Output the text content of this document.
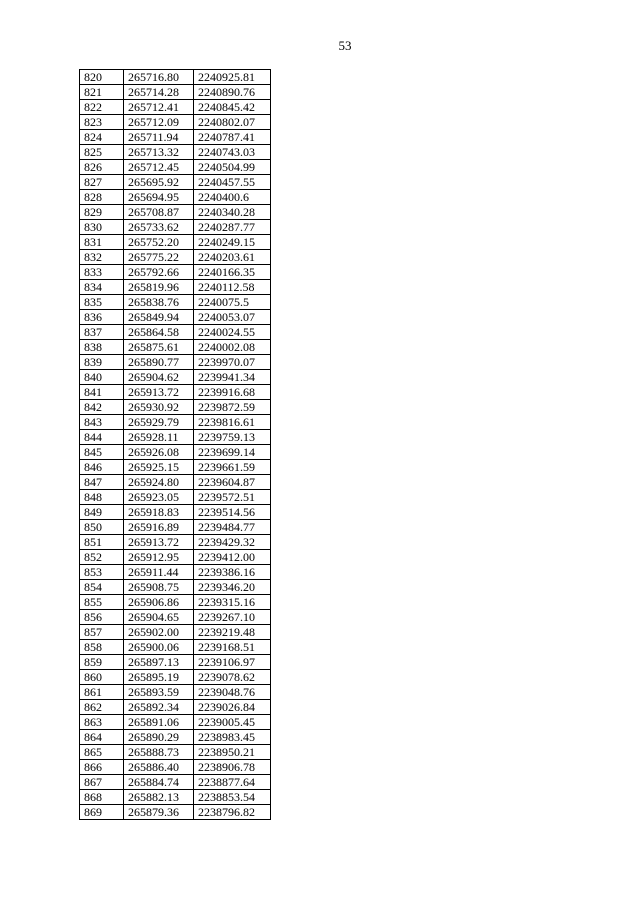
53
820	265716.80	2240925.81
821	265714.28	2240890.76
822	265712.41	2240845.42
823	265712.09	2240802.07
824	265711.94	2240787.41
825	265713.32	2240743.03
826	265712.45	2240504.99
827	265695.92	2240457.55
828	265694.95	2240400.6
829	265708.87	2240340.28
830	265733.62	2240287.77
831	265752.20	2240249.15
832	265775.22	2240203.61
833	265792.66	2240166.35
834	265819.96	2240112.58
835	265838.76	2240075.5
836	265849.94	2240053.07
837	265864.58	2240024.55
838	265875.61	2240002.08
839	265890.77	2239970.07
840	265904.62	2239941.34
841	265913.72	2239916.68
842	265930.92	2239872.59
843	265929.79	2239816.61
844	265928.11	2239759.13
845	265926.08	2239699.14
846	265925.15	2239661.59
847	265924.80	2239604.87
848	265923.05	2239572.51
849	265918.83	2239514.56
850	265916.89	2239484.77
851	265913.72	2239429.32
852	265912.95	2239412.00
853	265911.44	2239386.16
854	265908.75	2239346.20
855	265906.86	2239315.16
856	265904.65	2239267.10
857	265902.00	2239219.48
858	265900.06	2239168.51
859	265897.13	2239106.97
860	265895.19	2239078.62
861	265893.59	2239048.76
862	265892.34	2239026.84
863	265891.06	2239005.45
864	265890.29	2238983.45
865	265888.73	2238950.21
866	265886.40	2238906.78
867	265884.74	2238877.64
868	265882.13	2238853.54
869	265879.36	2238796.82
